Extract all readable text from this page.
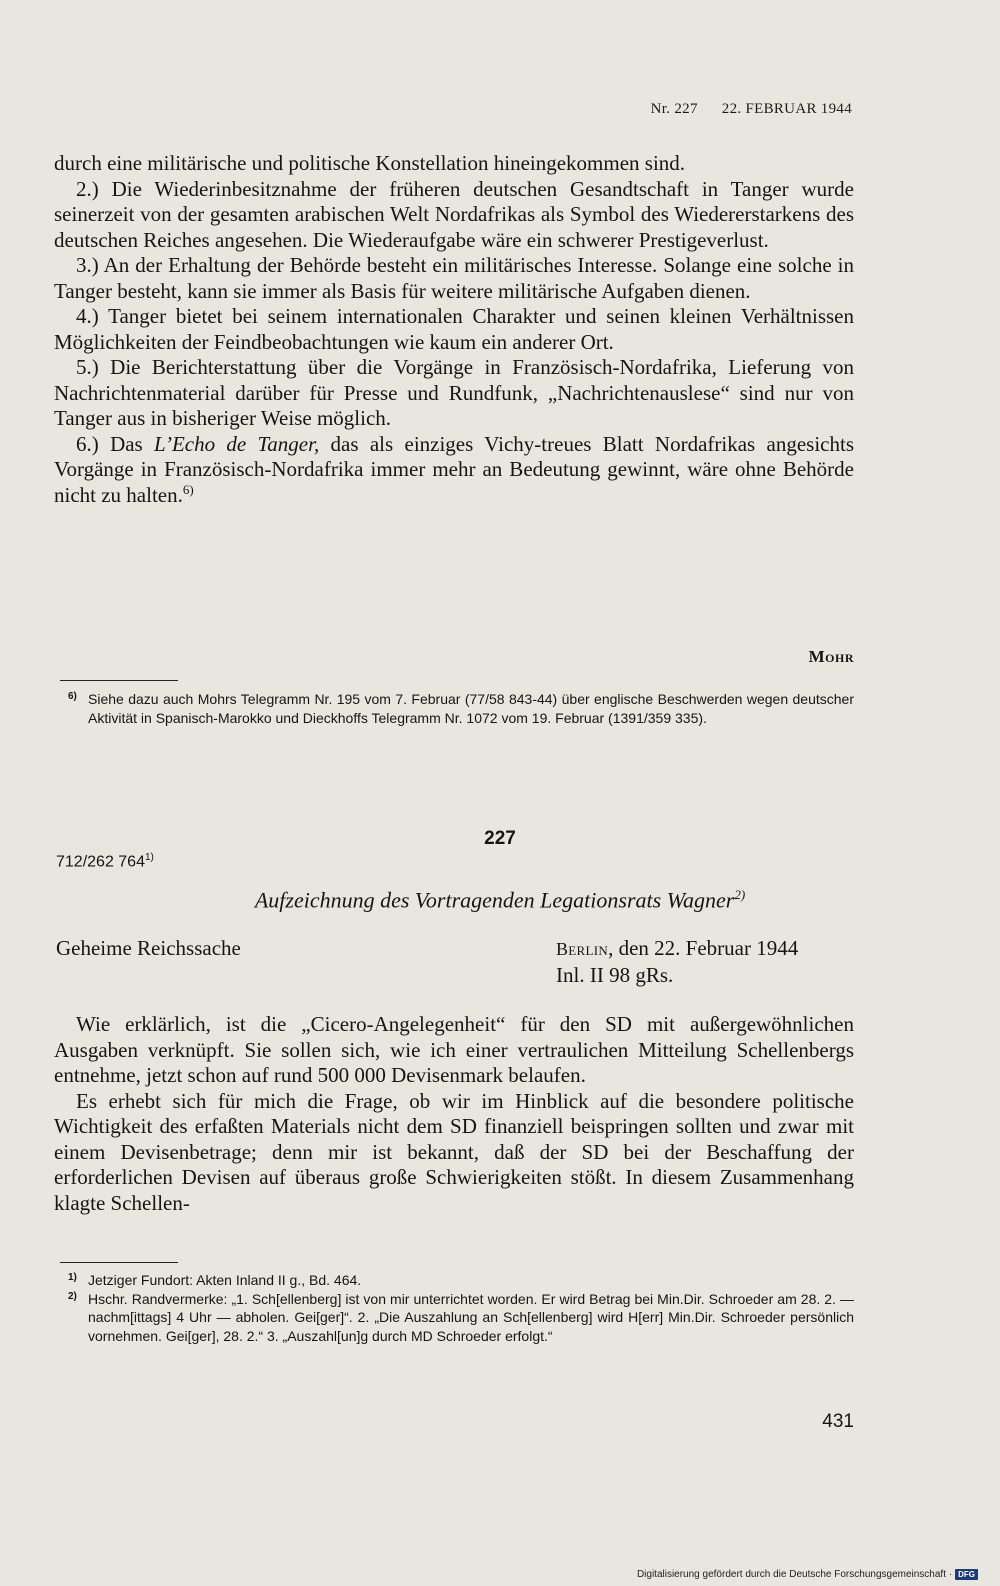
Nr. 227 22. FEBRUAR 1944

durch eine militärische und politische Konstellation hineingekommen sind.

2.) Die Wiederinbesitznahme der früheren deutschen Gesandtschaft in Tanger wurde seinerzeit von der gesamten arabischen Welt Nordafrikas als Symbol des Wiedererstarkens des deutschen Reiches angesehen. Die Wiederaufgabe wäre ein schwerer Prestigeverlust.

3.) An der Erhaltung der Behörde besteht ein militärisches Interesse. Solange eine solche in Tanger besteht, kann sie immer als Basis für weitere militärische Aufgaben dienen.

4.) Tanger bietet bei seinem internationalen Charakter und seinen kleinen Verhältnissen Möglichkeiten der Feindbeobachtungen wie kaum ein anderer Ort.

5.) Die Berichterstattung über die Vorgänge in Französisch-Nordafrika, Lieferung von Nachrichtenmaterial darüber für Presse und Rundfunk, „Nachrichtenauslese“ sind nur von Tanger aus in bisheriger Weise möglich.

6.) Das L’Echo de Tanger, das als einziges Vichy-treues Blatt Nordafrikas angesichts Vorgänge in Französisch-Nordafrika immer mehr an Bedeutung gewinnt, wäre ohne Behörde nicht zu halten.$^{6)}$

Mohr

6) Siehe dazu auch Mohrs Telegramm Nr. 195 vom 7. Februar (77/58 843-44) über englische Beschwerden wegen deutscher Aktivität in Spanisch-Marokko und Dieckhoffs Telegramm Nr. 1072 vom 19. Februar (1391/359 335).

227
712/262 764$^{1)}$
Aufzeichnung des Vortragenden Legationsrats Wagner$^{2)}$
Geheime Reichssache	Berlin, den 22. Februar 1944
Inl. II 98 gRs.

Wie erklärlich, ist die „Cicero-Angelegenheit“ für den SD mit außergewöhnlichen Ausgaben verknüpft. Sie sollen sich, wie ich einer vertraulichen Mitteilung Schellenbergs entnehme, jetzt schon auf rund 500 000 Devisenmark belaufen.

Es erhebt sich für mich die Frage, ob wir im Hinblick auf die besondere politische Wichtigkeit des erfaßten Materials nicht dem SD finanziell beispringen sollten und zwar mit einem Devisenbetrage; denn mir ist bekannt, daß der SD bei der Beschaffung der erforderlichen Devisen auf überaus große Schwierigkeiten stößt. In diesem Zusammenhang klagte Schellen-

1) Jetziger Fundort: Akten Inland II g., Bd. 464.

2) Hschr. Randvermerke: „1. Sch[ellenberg] ist von mir unterrichtet worden. Er wird Betrag bei Min.Dir. Schroeder am 28. 2. — nachm[ittags] 4 Uhr — abholen. Gei[ger]“. 2. „Die Auszahlung an Sch[ellenberg] wird H[err] Min.Dir. Schroeder persönlich vornehmen. Gei[ger], 28. 2.“ 3. „Auszahl[un]g durch MD Schroeder erfolgt.“

431
Digitalisierung gefördert durch die Deutsche Forschungsgemeinschaft · DFG
